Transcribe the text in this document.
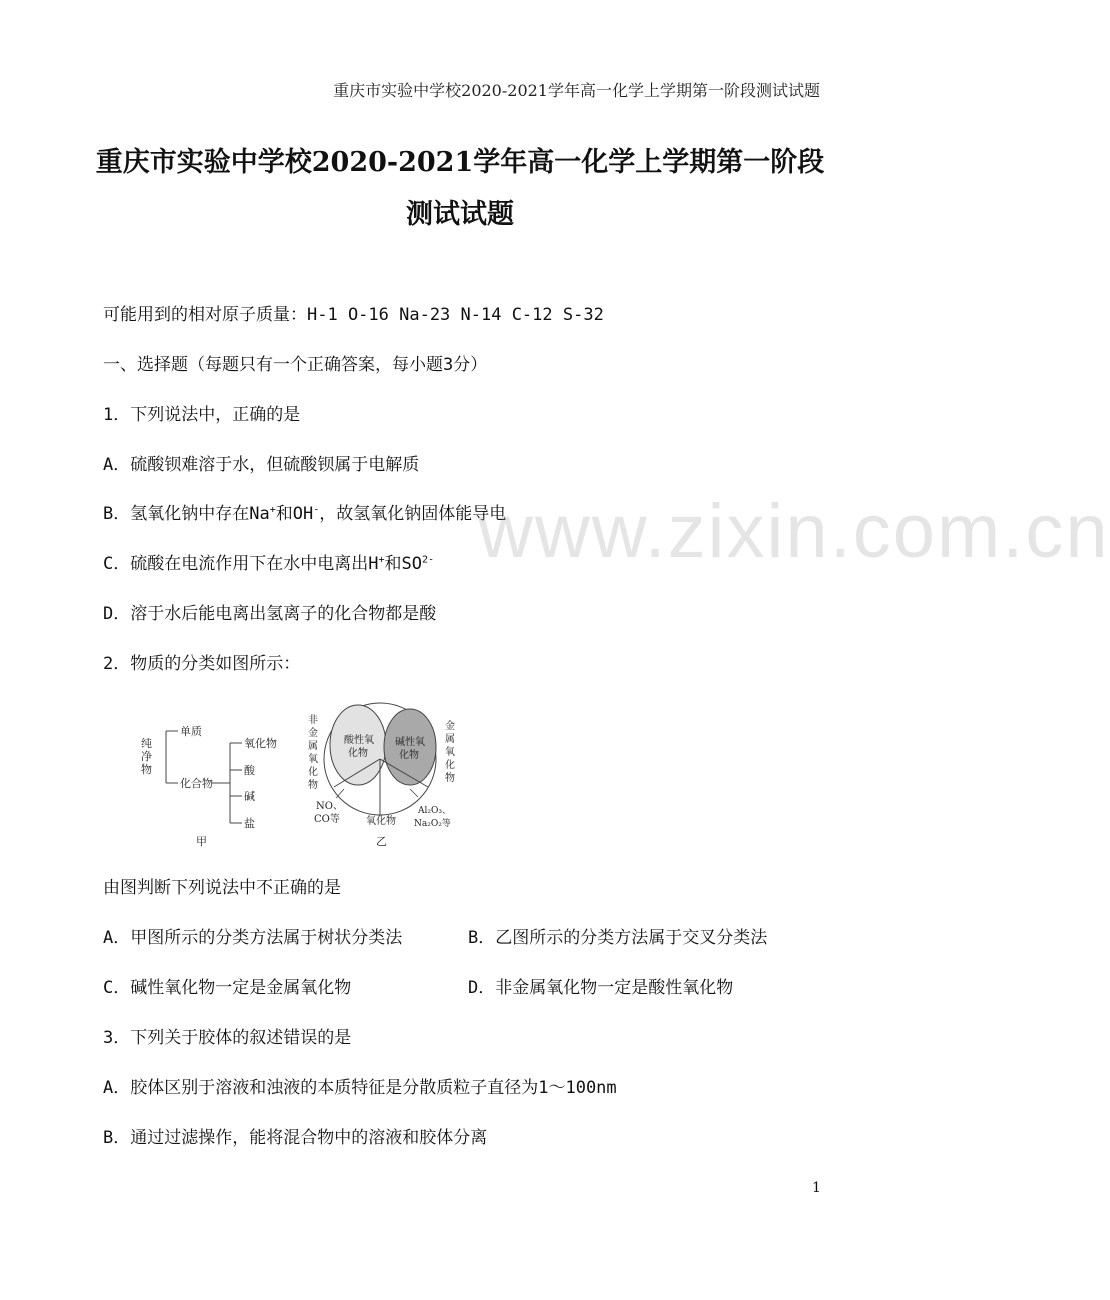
重庆市实验中学校2020-2021学年高一化学上学期第一阶段测试试题
重庆市实验中学校2020-2021学年高一化学上学期第一阶段
测试试题
可能用到的相对原子质量：H-1 O-16 Na-23 N-14 C-12 S-32
一、选择题（每题只有一个正确答案，每小题3分）
1．下列说法中，正确的是
A．硫酸钡难溶于水，但硫酸钡属于电解质
B．氢氧化钠中存在Na+和OH-，故氢氧化钠固体能导电
C．硫酸在电流作用下在水中电离出H+和$SO^{2-}$
D．溶于水后能电离出氢离子的化合物都是酸
2．物质的分类如图所示：
纯净物
单质
化合物
氧化物
酸
碱
盐
甲
酸性氧
化物
碱性氧
化物
非
金
属
氧
化
物
金
属
氧
化
物
NO、
CO等
Al₂O₃、
Na₂O₂等
氧化物
乙
由图判断下列说法中不正确的是
A．甲图所示的分类方法属于树状分类法	B．乙图所示的分类方法属于交叉分类法
C．碱性氧化物一定是金属氧化物	D．非金属氧化物一定是酸性氧化物
3．下列关于胶体的叙述错误的是
A．胶体区别于溶液和浊液的本质特征是分散质粒子直径为1～100nm
B．通过过滤操作，能将混合物中的溶液和胶体分离
www.zixin.com.cn
1
